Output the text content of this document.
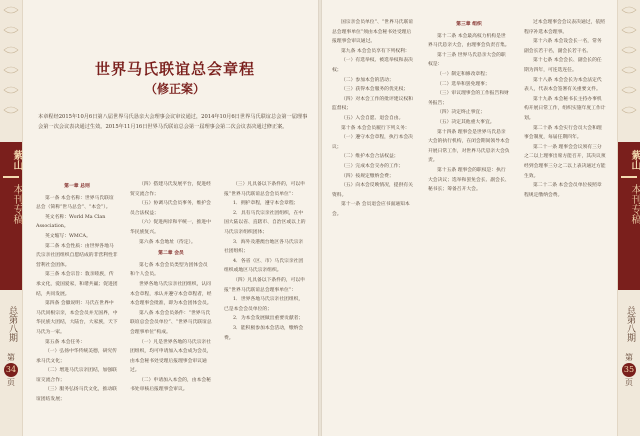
紫山
本刊专稿
总第八期
第
34
页
世界马氏联谊总会章程
（修正案）
本章程经2015年10月6日第八届世界马氏恳亲大会理事会议审议通过，2014年10月6日世界马氏联谊总会第一届理事会第一次会议表决通过生效。2015年11月16日世界马氏联谊总会第一届理事会第二次会议表决通过修正案。

第一章 总则

第一条 本会名称：世界马氏联谊总会（简称“世马总会”、“本会”）。

英文名称：World Ma Clan Association。

英文缩写：WMCA。

第二条 本会性质：由世界各地马氏宗亲社团组织自愿结成的非营利性非营利社会团体。

第三条 本会宗旨：敦亲睦族，传承文化，爱国爱家，和谐共赢；促进团结，共同发展。

第四条 会徽说明：马氏在世界中马氏同根宗亲，本会会员并无国界，中华民族大团结，大陆台，大家族，天下马氏为一家。

第五条 本会任务：

（一）弘扬中华传统美德，研究传承马氏文化；

（二）增进马氏宗亲团结，加强联谊交流合作；

（三）服务弘扬马氏文化，推动联谊团结发展；

（四）搭建马氏发展平台，促进经贸交流合作；

（五）协调马氏会员事务，维护会员合法权益；

（六）促进两岸和平统一，推进中华民族复兴。

第六条 本会地址（待定）。

第二章 会员

第七条 本会会员类型为团体会员和个人会员。

世界各地马氏宗亲社团组织，认同本会章程，承认并遵守本会章程者，经本会理事会批准，即为本会团体会员。

第八条 本会会员条件：“世界马氏联谊总会会员单位”、“世界马氏联谊总会理事单位”构成。

（一）凡是世界各地的马氏宗亲社团组织，均可申请加入本会成为会员，由本会秘书处受理后报理事会审议通过。

（二）申请加入本会的，由本会秘书处审核后报理事会审议。

（三）凡具备以下条件的，可以申报“世界马氏联谊总会会员单位”：

1．拥护章程，遵守本会章程；

2．具有马氏宗亲社团组织，在中国大陆以省、直辖市、自治区或以上的马氏宗亲组织团体；

3．海外及港澳台地区各马氏宗亲社团组织；

4．各省（区、市）马氏宗亲社团组织或地区马氏宗亲组织。

（四）凡具备以下条件的，可以申报“世界马氏联谊总会理事单位”：

1．世界各地马氏宗亲社团组织，已是本会会员单位的；

2．为本会发展做出重要贡献者；

3．能积极参加本会活动，缴纳会费。

紫山
本刊专稿
总第八期
第
35
页

国宗亲会员单位”、“世界马氏联谊总会理事单位”须由本会秘书处受理后报理事会审议通过。

第九条 本会会员享有下列权利：

（一）有选举权、被选举权和表决权；

（二）参加本会的活动；

（三）获得本会服务的优先权；

（四）对本会工作的批评建议权和监督权；

（五）入会自愿、退会自由。

第十条 本会会员履行下列义务：

（一）遵守本会章程，执行本会决议；

（二）维护本会合法权益；

（三）完成本会交办的工作；

（四）按规定缴纳会费；

（五）向本会反映情况，提供有关资料。

第十一条 会员退会应书面通知本会。

第三章 组织

第十二条 本会最高权力机构是世界马氏恳亲大会，由理事会负责召集。

第十三条 世界马氏恳亲大会的职权是：

（一）制定和修改章程；

（二）选举和罢免理事；

（三）审议理事会的工作报告和财务报告；

（四）决定终止事宜；

（五）决定其他重大事宜。

第十四条 理事会是世界马氏恳亲大会的执行机构，在闭会期间领导本会开展日常工作，对世界马氏恳亲大会负责。

第十五条 理事会的职权是：执行大会决议；选举和罢免会长、副会长、秘书长；筹备召开大会。

过本会理事会会议表决通过，依照程序补选本会理事。

第十六条 本会设会长一名，常务副会长若干名，副会长若干名。

第十七条 本会会长、副会长的任期为四年，可连选连任。

第十八条 本会会长为本会法定代表人，代表本会签署有关重要文件。

第十九条 本会秘书长主持办事机构开展日常工作，组织实施年度工作计划。

第二十条 本会实行会员大会和理事会制度，每届任期四年。

第二十一条 理事会会议须有三分之二以上理事出席方能召开，其决议须经到会理事三分之二以上表决通过方能生效。

第二十二条 本会会员单位按照章程规定缴纳会费。
